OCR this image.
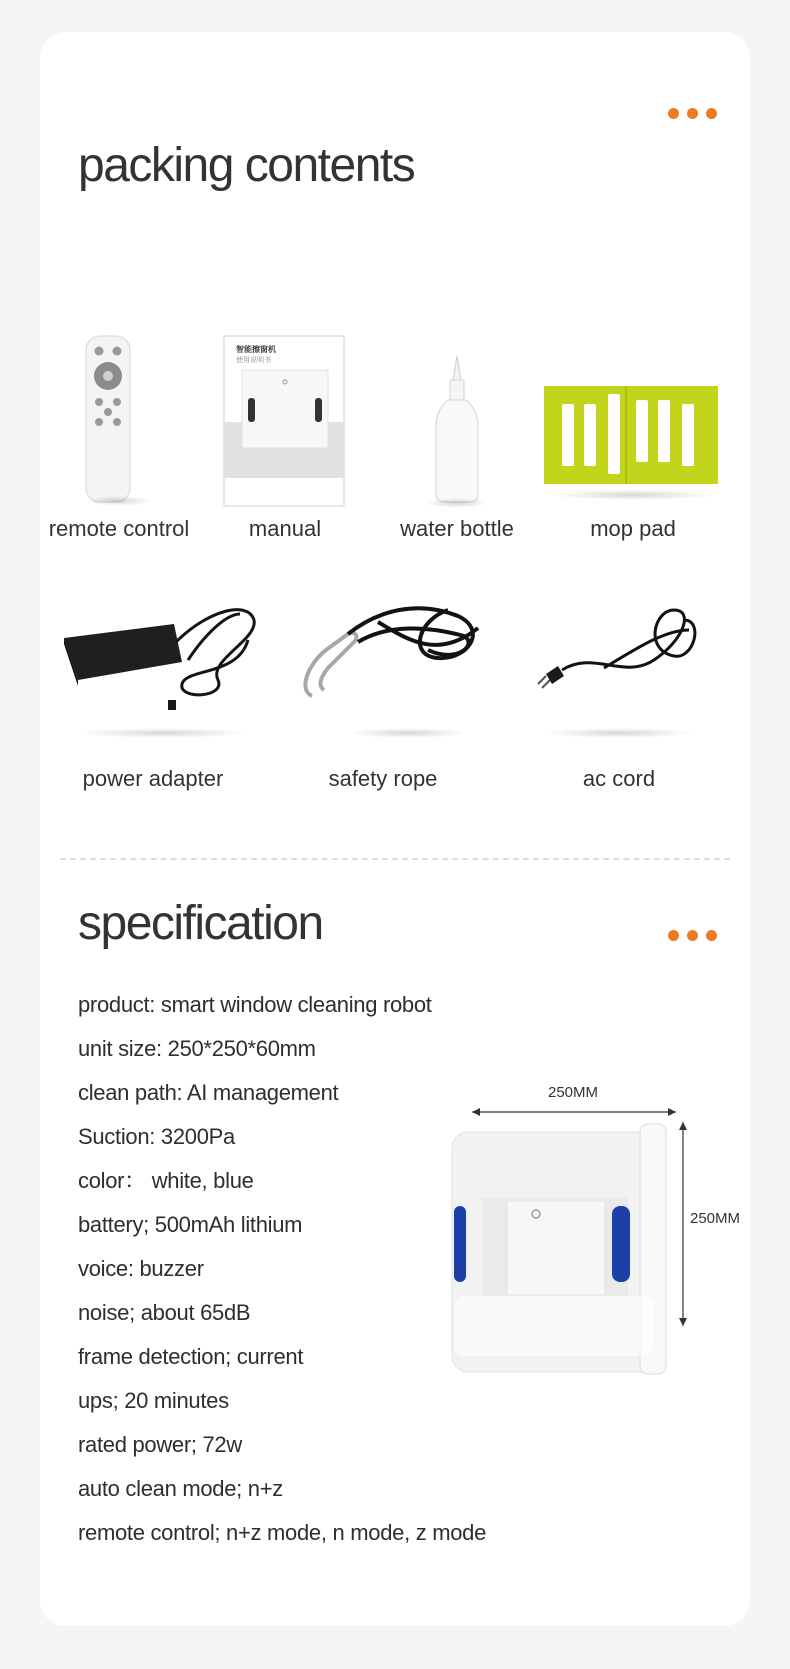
packing contents
remote control
智能擦窗机
使用说明书
manual	water bottle	mop pad
power adapter	safety rope	ac cord
specification
product: smart window cleaning robot
unit size: 250*250*60mm
clean path: AI management
Suction: 3200Pa
color： white, blue
battery; 500mAh lithium
voice: buzzer
noise; about 65dB
frame detection; current
ups; 20 minutes
rated power; 72w
auto clean mode; n+z
remote control; n+z mode, n mode, z mode
250MM
250MM
